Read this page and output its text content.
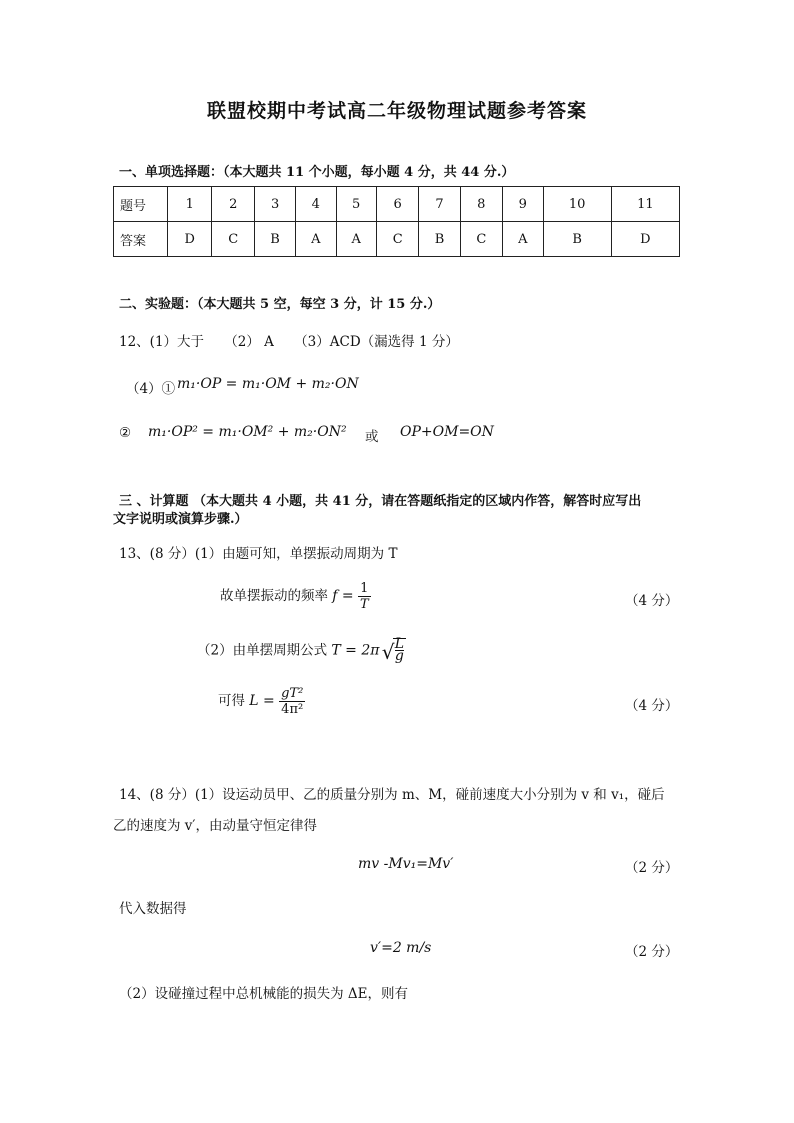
联盟校期中考试高二年级物理试题参考答案
一、单项选择题：（本大题共 11 个小题，每小题 4 分，共 44 分.）
题号	1	2	3	4	5	6	7	8	9	10	11
答案	D	C	B	A	A	C	B	C	A	B	D
二、实验题：（本大题共 5 空，每空 3 分，计 15 分.）
12、(1）大于　　（2） A　　（3）ACD（漏选得 1 分）
（4）① m₁·OP = m₁·OM + m₂·ON
② m₁·OP² = m₁·OM² + m₂·ON² 或 OP+OM=ON
三 、计算题 （本大题共 4 小题，共 41 分，请在答题纸指定的区域内作答，解答时应写出
文字说明或演算步骤.）
13、(8 分）(1）由题可知，单摆振动周期为 T
故单摆振动的频率 $f = \frac{1}{T}$	（4 分）
（2）由单摆周期公式 T = 2π √ $\frac{L}{g}$
可得 $L = \frac{\text{gT²}}{\text{4π²}}$	（4 分）
14、(8 分）(1）设运动员甲、乙的质量分别为 m、M，碰前速度大小分别为 v 和 v₁，碰后
乙的速度为 v′，由动量守恒定律得
mv -Mv₁=Mv′	（2 分）
代入数据得
v′=2 m/s	（2 分）
（2）设碰撞过程中总机械能的损失为 ΔE，则有
